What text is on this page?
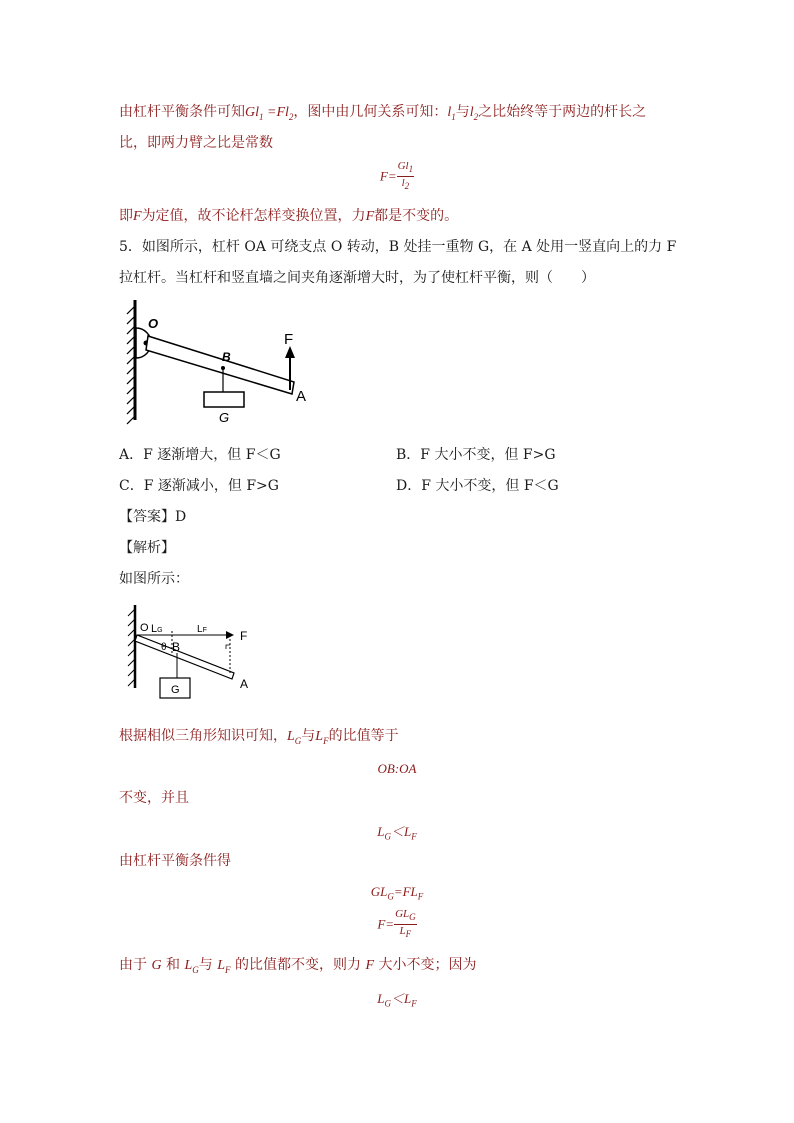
由杠杆平衡条件可知$Gl_1 =Fl_2$，图中由几何关系可知：$l_1$与$l_2$之比始终等于两边的杆长之
比，即两力臂之比是常数
$F= \frac{Gl_1}{l_2}$
即F为定值，故不论杆怎样变换位置，力F都是不变的。
5．如图所示，杠杆 OA 可绕支点 O 转动，B 处挂一重物 G，在 A 处用一竖直向上的力 F
拉杠杆。当杠杆和竖直墙之间夹角逐渐增大时，为了使杠杆平衡，则（　　）
O
B
F
A
G
A．F 逐渐增大，但 F＜G	B．F 大小不变，但 F>G
C．F 逐渐减小，但 F>G	D．F 大小不变，但 F＜G
【答案】D
【解析】
如图所示：
O LG	LF	F
θ B
G	A
根据相似三角形知识可知，$L_G$与$L_F$的比值等于
OB:OA
不变，并且
$L_G<L_F$
由杠杆平衡条件得
$GL_G=FL_F$
$F= \frac{GL_G}{L_F}$
由于 G 和 $L_G$与 $L_F$ 的比值都不变，则力 F 大小不变；因为
$L_G<L_F$
